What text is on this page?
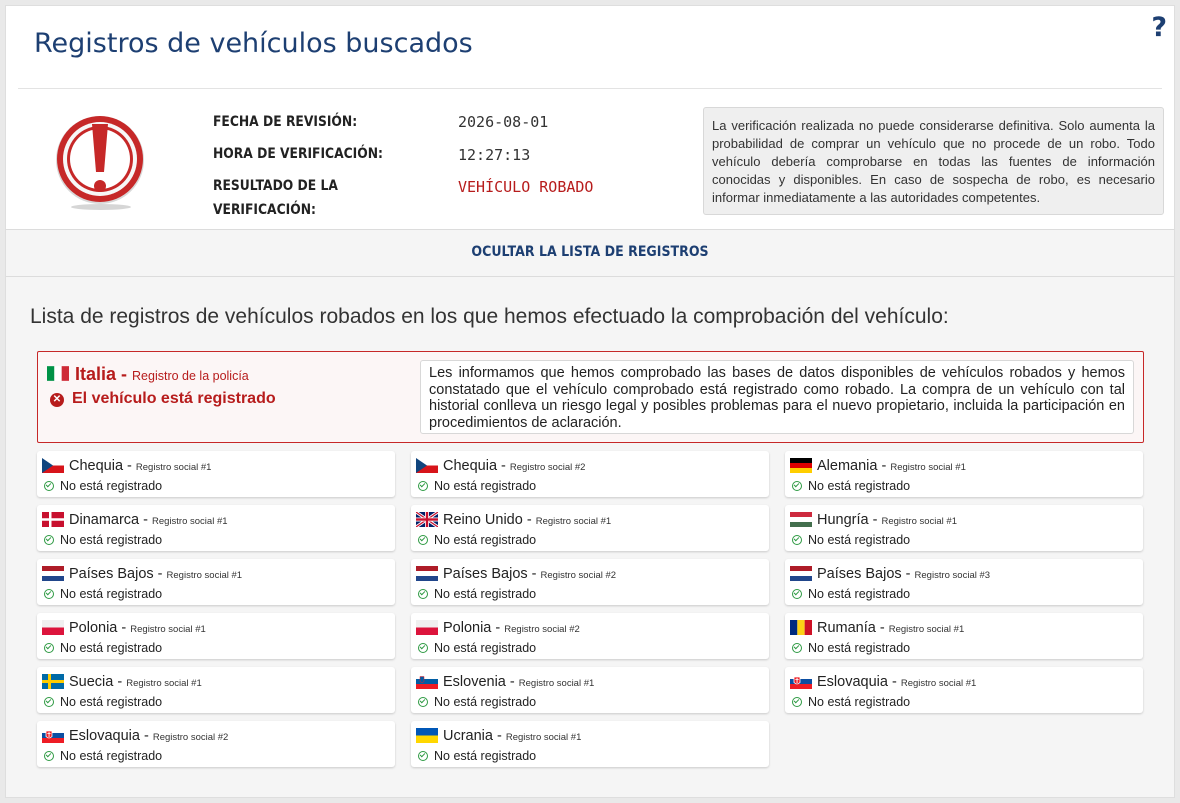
Registros de vehículos buscados
?
FECHA DE REVISIÓN:	2026-08-01
HORA DE VERIFICACIÓN:	12:27:13
RESULTADO DE LA
VERIFICACIÓN:
VEHÍCULO ROBADO
La verificación realizada no puede considerarse definitiva. Solo aumenta la probabilidad de comprar un vehículo que no procede de un robo. Todo vehículo debería comprobarse en todas las fuentes de información conocidas y disponibles. En caso de sospecha de robo, es necesario informar inmediatamente a las autoridades competentes.
OCULTAR LA LISTA DE REGISTROS
Lista de registros de vehículos robados en los que hemos efectuado la comprobación del vehículo:
Italia - Registro de la policía
✕ El vehículo está registrado
Les informamos que hemos comprobado las bases de datos disponibles de vehículos robados y hemos constatado que el vehículo comprobado está registrado como robado. La compra de un vehículo con tal historial conlleva un riesgo legal y posibles problemas para el nuevo propietario, incluida la participación en procedimientos de aclaración.
Chequia - Registro social #1
No está registrado
Chequia - Registro social #2
No está registrado
Alemania - Registro social #1
No está registrado
Dinamarca - Registro social #1
No está registrado
Reino Unido - Registro social #1
No está registrado
Hungría - Registro social #1
No está registrado
Países Bajos - Registro social #1
No está registrado
Países Bajos - Registro social #2
No está registrado
Países Bajos - Registro social #3
No está registrado
Polonia - Registro social #1
No está registrado
Polonia - Registro social #2
No está registrado
Rumanía - Registro social #1
No está registrado
Suecia - Registro social #1
No está registrado
Eslovenia - Registro social #1
No está registrado
Eslovaquia - Registro social #1
No está registrado
Eslovaquia - Registro social #2
No está registrado
Ucrania - Registro social #1
No está registrado
